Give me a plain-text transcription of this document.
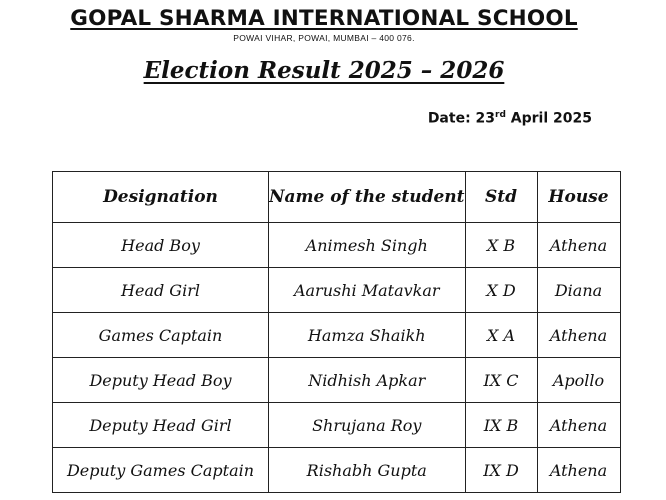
GOPAL SHARMA INTERNATIONAL SCHOOL
POWAI VIHAR, POWAI, MUMBAI – 400 076.
Election Result 2025 – 2026
Date: 23rd April 2025
Designation	Name of the student	Std	House
Head Boy	Animesh Singh	X B	Athena
Head Girl	Aarushi Matavkar	X D	Diana
Games Captain	Hamza Shaikh	X A	Athena
Deputy Head Boy	Nidhish Apkar	IX C	Apollo
Deputy Head Girl	Shrujana Roy	IX B	Athena
Deputy Games Captain	Rishabh Gupta	IX D	Athena
